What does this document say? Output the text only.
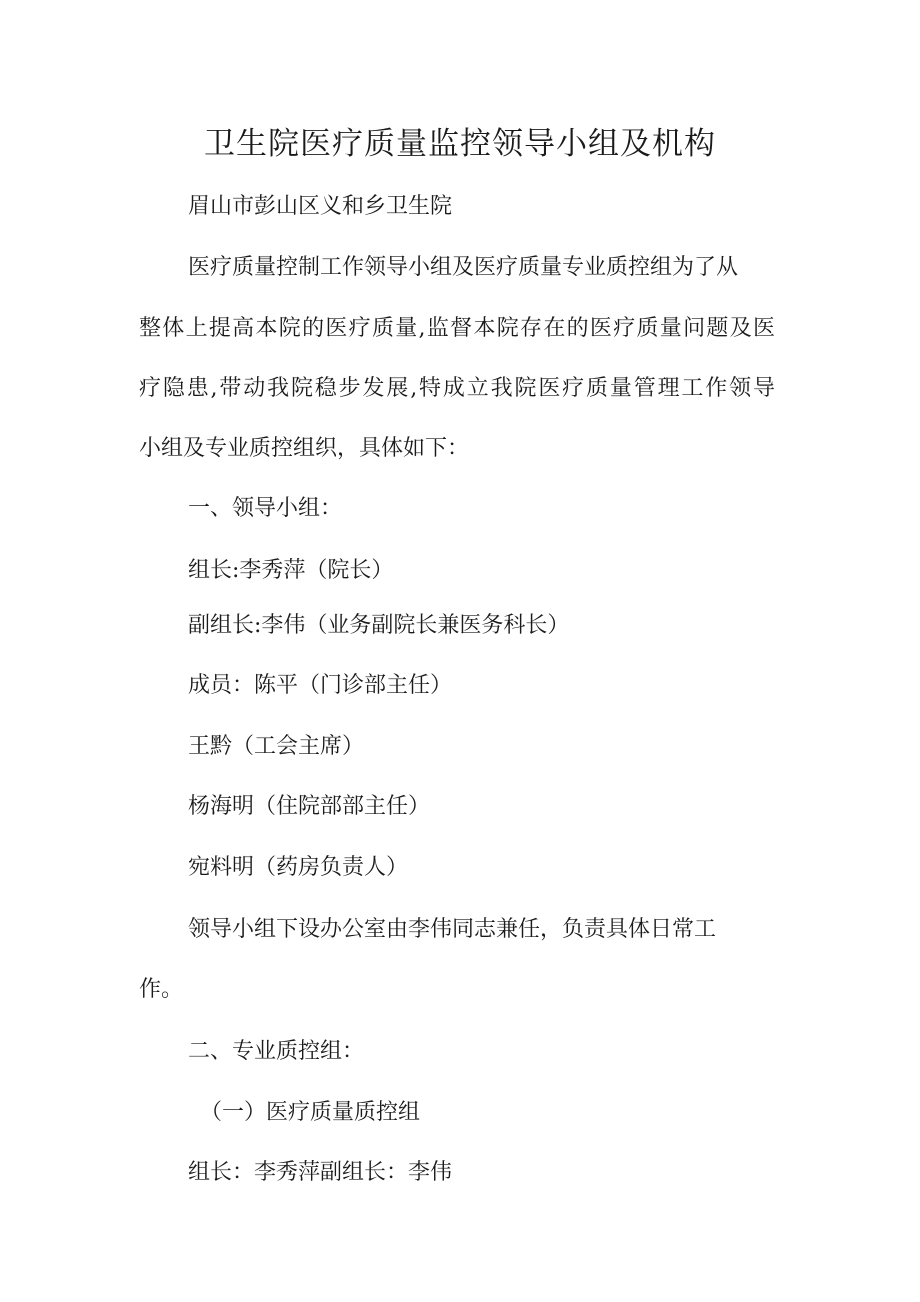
卫生院医疗质量监控领导小组及机构

眉山市彭山区义和乡卫生院

医疗质量控制工作领导小组及医疗质量专业质控组为了从

整体上提高本院的医疗质量,监督本院存在的医疗质量问题及医

疗隐患,带动我院稳步发展,特成立我院医疗质量管理工作领导

小组及专业质控组织，具体如下：

一、领导小组：

组长:李秀萍（院长）

副组长:李伟（业务副院长兼医务科长）

成员：陈平（门诊部主任）

王黔（工会主席）

杨海明（住院部部主任）

宛料明（药房负责人）

领导小组下设办公室由李伟同志兼任，负责具体日常工

作。

二、专业质控组：

（一）医疗质量质控组

组长：李秀萍副组长：李伟
